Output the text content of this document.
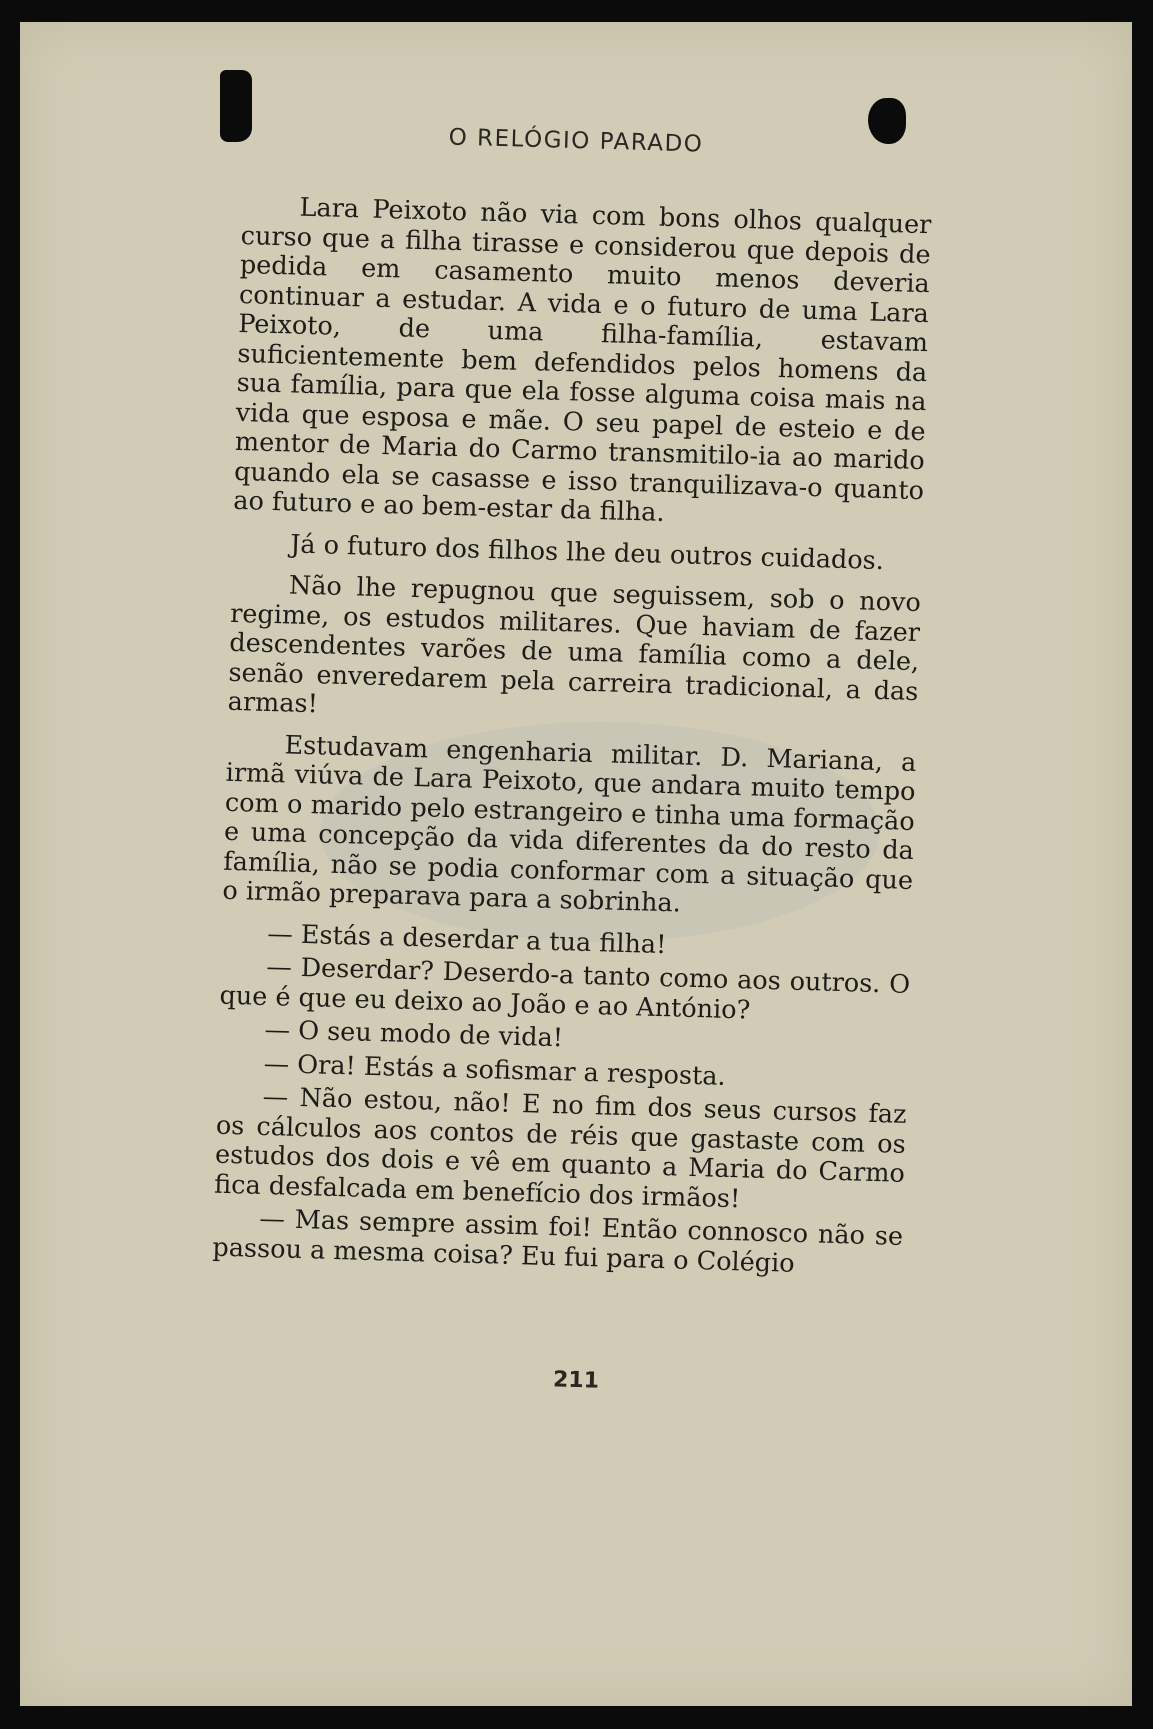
O RELÓGIO PARADO

Lara Peixoto não via com bons olhos qualquer curso que a filha tirasse e considerou que depois de pedida em casamento muito menos deveria continuar a estudar. A vida e o futuro de uma Lara Peixoto, de uma filha-família, estavam suficientemente bem defendidos pelos homens da sua família, para que ela fosse alguma coisa mais na vida que esposa e mãe. O seu papel de esteio e de mentor de Maria do Carmo transmitilo-ia ao marido quando ela se casasse e isso tranquilizava-o quanto ao futuro e ao bem-estar da filha.

Já o futuro dos filhos lhe deu outros cuidados.

Não lhe repugnou que seguissem, sob o novo regime, os estudos militares. Que haviam de fazer descendentes varões de uma família como a dele, senão enveredarem pela carreira tradicional, a das armas!

Estudavam engenharia militar. D. Mariana, a irmã viúva de Lara Peixoto, que andara muito tempo com o marido pelo estrangeiro e tinha uma formação e uma concepção da vida diferentes da do resto da família, não se podia conformar com a situação que o irmão preparava para a sobrinha.

— Estás a deserdar a tua filha!

— Deserdar? Deserdo-a tanto como aos outros. O que é que eu deixo ao João e ao António?

— O seu modo de vida!

— Ora! Estás a sofismar a resposta.

— Não estou, não! E no fim dos seus cursos faz os cálculos aos contos de réis que gastaste com os estudos dos dois e vê em quanto a Maria do Carmo fica desfalcada em benefício dos irmãos!

— Mas sempre assim foi! Então connosco não se passou a mesma coisa? Eu fui para o Colégio

211
